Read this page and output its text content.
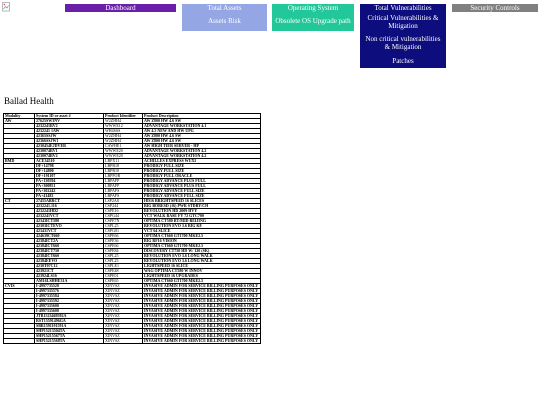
Dashboard	Total Assets	Operating System	Total Vulnerabilities	Security Controls
Assets Risk	Obsolete OS Upgrade path	Critical Vulnerabilities & Mitigation
Non critical vulnerabilities & Mitigation
Patches
Ballad Health
Modality	System ID or asset #	Product Identifier	Product Description
AW	27625SW3NV	W2ZHH4	AW Z800 HW 4.6 SW
	4232241RV2	WWWE12	ADVANTAGE WORKSTATION 4.1
	4232241 1AW	WH4SSS	AW 4.5 NEW AND HW UPG
	42365SSJW	W2ZHH4	AW Z800 HW 4.6 SW
	42366SSJW1	W2ZHH4	AW Z800 HW 4.6 SW
	4230454EJDVER	CAWHE1	AW HIGH TIER SERVER - HP
	4230074RV1	WWWE20	ADVANTAGE WORKSTATION 4.2
	4230074RV2	WWWE20	ADVANTAGE WORKSTATION 4.2
BMD	ACE34510	LBPX11	ACHILLES EXPRESS WUXI
	DF+14798	LBPR18	PRODIGY FULL SIZE
	DF+14800	LBPR18	PRODIGY FULL SIZE
	DF+191107	LBPFOR	PRODIGY FULL ORACLE
	PA+130594	LBPAFP	PRODIGY ADVANCE PLUS FULL
	PA+300851	LBPAFP	PRODIGY ADVANCE PLUS FULL
	PA+302242	LBPAFS	PRODIGY ADVANCE FULL SIZE
	PA+41482	LBPAFS	PRODIGY ADVANCE FULL SIZE
CT	27455ABRCT	LSP2A8	HD16 BRIGHTSPEED 16 SLICES
	4232241.116	CSP244	BIG BORESD (16) PWR STDBY/CH
	4232241HD2	CSPE16	REVOLUTION HD 2009 HVY
	4232241VCT	CSPG44	VCT WALK BASE FY 72 GTC700
	42343ICT580	CSPE7N	OPTIMA CT580 RT/MID BEIJING
	42303ICTEVO	CSPL25	REVOLUTION EVO 3.6 RIG K8
	423431VCT	CSPG01	VCT 64 SLICE
	424639CT660	CSPE66	OPTIMA CT660 GT1700 MKE2.5
	42384ICT2A	CSPE36	BIG RF16 VISION
	42384ICT660	CSPE66	OPTIMA CT660 GT1700 MKE2.5
	42384ICT750	CSPE84	DISCOVERY CT750 HD W/ 120 (SK)
	42384ICT660	CSPL25	REVOLUTION EVO 3.6 LONG WALK
	42384EEVO	CSPL25	REVOLUTION EVO 3.6 LONG WALK
	4230T07C12	CSPLE1	LIGHTSPEED 16 SLICE
	423921CT	CSPE48	WAG OPTIMA CT580 W INNOV
	423924LS16	CSPE01	LIGHTSPEED 16 UPGRADES
	AM16LSHHE31A	CSPE65	OPTIMA CT660 GT1700 MKE2.5
CVIS	I-4997735528	XINVSZ	INVASIVE ADMIN FOR SERVICE BILLING PURPOSES ONLY
	I-4997335576	XINVSZ	INVASIVE ADMIN FOR SERVICE BILLING PURPOSES ONLY
	I-4997335584	XINVSZ	INVASIVE ADMIN FOR SERVICE BILLING PURPOSES ONLY
	I-4997335592	XINVSZ	INVASIVE ADMIN FOR SERVICE BILLING PURPOSES ONLY
	I-4997335600	XINVSZ	INVASIVE ADMIN FOR SERVICE BILLING PURPOSES ONLY
	I-4997335608	XINVSZ	INVASIVE ADMIN FOR SERVICE BILLING PURPOSES ONLY
	JTR1523469592A	XINVSZ	INVASIVE ADMIN FOR SERVICE BILLING PURPOSES ONLY
	RST15591496GA	XINVSZ	INVASIVE ADMIN FOR SERVICE BILLING PURPOSES ONLY
	SBR1591191591A	XINVSZ	INVASIVE ADMIN FOR SERVICE BILLING PURPOSES ONLY
	SHP15213504TA	XINVSZ	INVASIVE ADMIN FOR SERVICE BILLING PURPOSES ONLY
	SHP15215567TA	XINVSZ	INVASIVE ADMIN FOR SERVICE BILLING PURPOSES ONLY
	SHP15215568TA	XINVSZ	INVASIVE ADMIN FOR SERVICE BILLING PURPOSES ONLY
